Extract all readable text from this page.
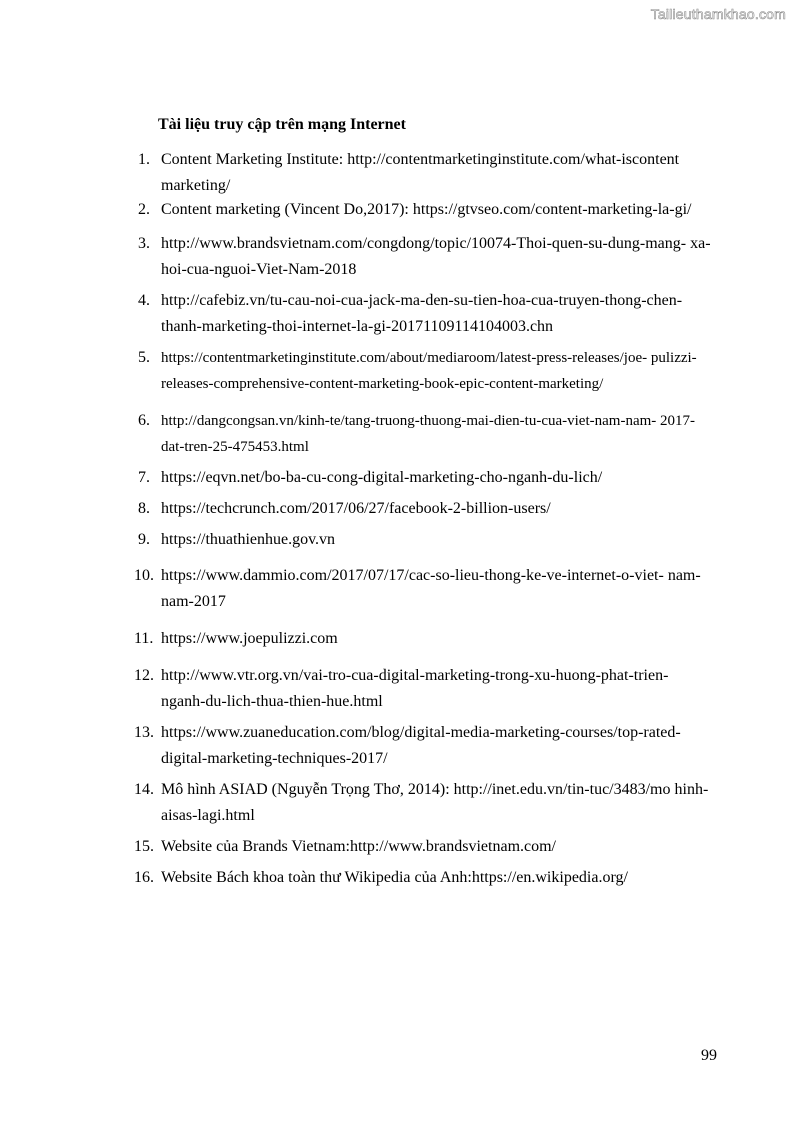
Tailieuthamkhao.com
Tài liệu truy cập trên mạng Internet
1. Content Marketing Institute: http://contentmarketinginstitute.com/what-iscontent marketing/
2. Content marketing (Vincent Do,2017): https://gtvseo.com/content-marketing-la-gi/
3. http://www.brandsvietnam.com/congdong/topic/10074-Thoi-quen-su-dung-mang- xa-hoi-cua-nguoi-Viet-Nam-2018
4. http://cafebiz.vn/tu-cau-noi-cua-jack-ma-den-su-tien-hoa-cua-truyen-thong-chen- thanh-marketing-thoi-internet-la-gi-20171109114104003.chn
5. https://contentmarketinginstitute.com/about/mediaroom/latest-press-releases/joe- pulizzi-releases-comprehensive-content-marketing-book-epic-content-marketing/
6. http://dangcongsan.vn/kinh-te/tang-truong-thuong-mai-dien-tu-cua-viet-nam-nam- 2017-dat-tren-25-475453.html
7. https://eqvn.net/bo-ba-cu-cong-digital-marketing-cho-nganh-du-lich/
8. https://techcrunch.com/2017/06/27/facebook-2-billion-users/
9. https://thuathienhue.gov.vn
10. https://www.dammio.com/2017/07/17/cac-so-lieu-thong-ke-ve-internet-o-viet- nam-nam-2017
11. https://www.joepulizzi.com
12. http://www.vtr.org.vn/vai-tro-cua-digital-marketing-trong-xu-huong-phat-trien- nganh-du-lich-thua-thien-hue.html
13. https://www.zuaneducation.com/blog/digital-media-marketing-courses/top-rated- digital-marketing-techniques-2017/
14. Mô hình ASIAD (Nguyễn Trọng Thơ, 2014): http://inet.edu.vn/tin-tuc/3483/mo hinh-aisas-lagi.html
15. Website của Brands Vietnam:http://www.brandsvietnam.com/
16. Website Bách khoa toàn thư Wikipedia của Anh:https://en.wikipedia.org/
99
